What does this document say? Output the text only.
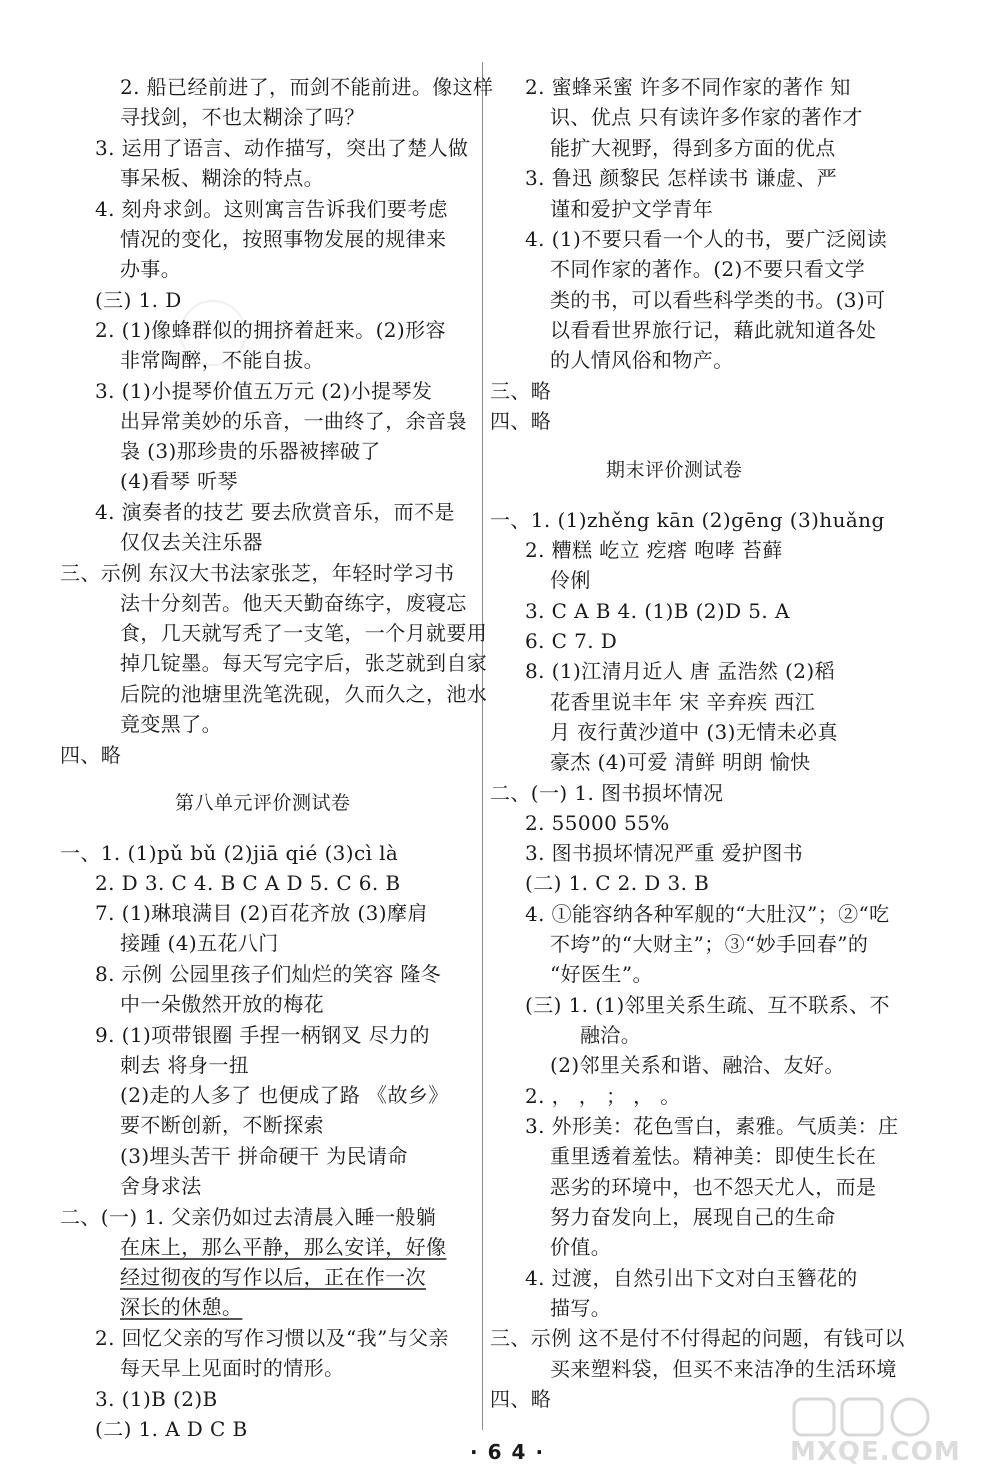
2. 船已经前进了，而剑不能前进。像这样
寻找剑，不也太糊涂了吗？
3. 运用了语言、动作描写，突出了楚人做
事呆板、糊涂的特点。
4. 刻舟求剑。这则寓言告诉我们要考虑
情况的变化，按照事物发展的规律来
办事。
(三) 1. D
2. (1)像蜂群似的拥挤着赶来。(2)形容
非常陶醉，不能自拔。
3. (1)小提琴价值五万元 (2)小提琴发
出异常美妙的乐音，一曲终了，余音袅
袅 (3)那珍贵的乐器被摔破了
(4)看琴 听琴
4. 演奏者的技艺 要去欣赏音乐，而不是
仅仅去关注乐器
三、示例 东汉大书法家张芝，年轻时学习书
法十分刻苦。他天天勤奋练字，废寝忘
食，几天就写秃了一支笔，一个月就要用
掉几锭墨。每天写完字后，张芝就到自家
后院的池塘里洗笔洗砚，久而久之，池水
竟变黑了。
四、略
第八单元评价测试卷
一、1. (1)pǔ bǔ (2)jiā qié (3)cì là
2. D 3. C 4. B C A D 5. C 6. B
7. (1)琳琅满目 (2)百花齐放 (3)摩肩
接踵 (4)五花八门
8. 示例 公园里孩子们灿烂的笑容 隆冬
中一朵傲然开放的梅花
9. (1)项带银圈 手捏一柄钢叉 尽力的
刺去 将身一扭
(2)走的人多了 也便成了路 《故乡》
要不断创新，不断探索
(3)埋头苦干 拼命硬干 为民请命
舍身求法
二、(一) 1. 父亲仍如过去清晨入睡一般躺
在床上，那么平静，那么安详，好像
经过彻夜的写作以后，正在作一次
深长的休憩。
2. 回忆父亲的写作习惯以及“我”与父亲
每天早上见面时的情形。
3. (1)B (2)B
(二) 1. A D C B
2. 蜜蜂采蜜 许多不同作家的著作 知
识、优点 只有读许多作家的著作才
能扩大视野，得到多方面的优点
3. 鲁迅 颜黎民 怎样读书 谦虚、严
谨和爱护文学青年
4. (1)不要只看一个人的书，要广泛阅读
不同作家的著作。(2)不要只看文学
类的书，可以看些科学类的书。(3)可
以看看世界旅行记，藉此就知道各处
的人情风俗和物产。
三、略
四、略
期末评价测试卷
一、1. (1)zhěng kān (2)gēng (3)huǎng
2. 糟糕 屹立 疙瘩 咆哮 苔藓
伶俐
3. C A B 4. (1)B (2)D 5. A
6. C 7. D
8. (1)江清月近人 唐 孟浩然 (2)稻
花香里说丰年 宋 辛弃疾 西江
月 夜行黄沙道中 (3)无情未必真
豪杰 (4)可爱 清鲜 明朗 愉快
二、(一) 1. 图书损坏情况
2. 55000 55%
3. 图书损坏情况严重 爱护图书
(二) 1. C 2. D 3. B
4. ①能容纳各种军舰的“大肚汉”；②“吃
不垮”的“大财主”；③“妙手回春”的
“好医生”。
(三) 1. (1)邻里关系生疏、互不联系、不
融洽。
(2)邻里关系和谐、融洽、友好。
2. ， ， ； ， 。
3. 外形美：花色雪白，素雅。气质美：庄
重里透着羞怯。精神美：即使生长在
恶劣的环境中，也不怨天尤人，而是
努力奋发向上，展现自己的生命
价值。
4. 过渡，自然引出下文对白玉簪花的
描写。
三、示例 这不是付不付得起的问题，有钱可以
买来塑料袋，但买不来洁净的生活环境
四、略
·64·	MXQE.COM
